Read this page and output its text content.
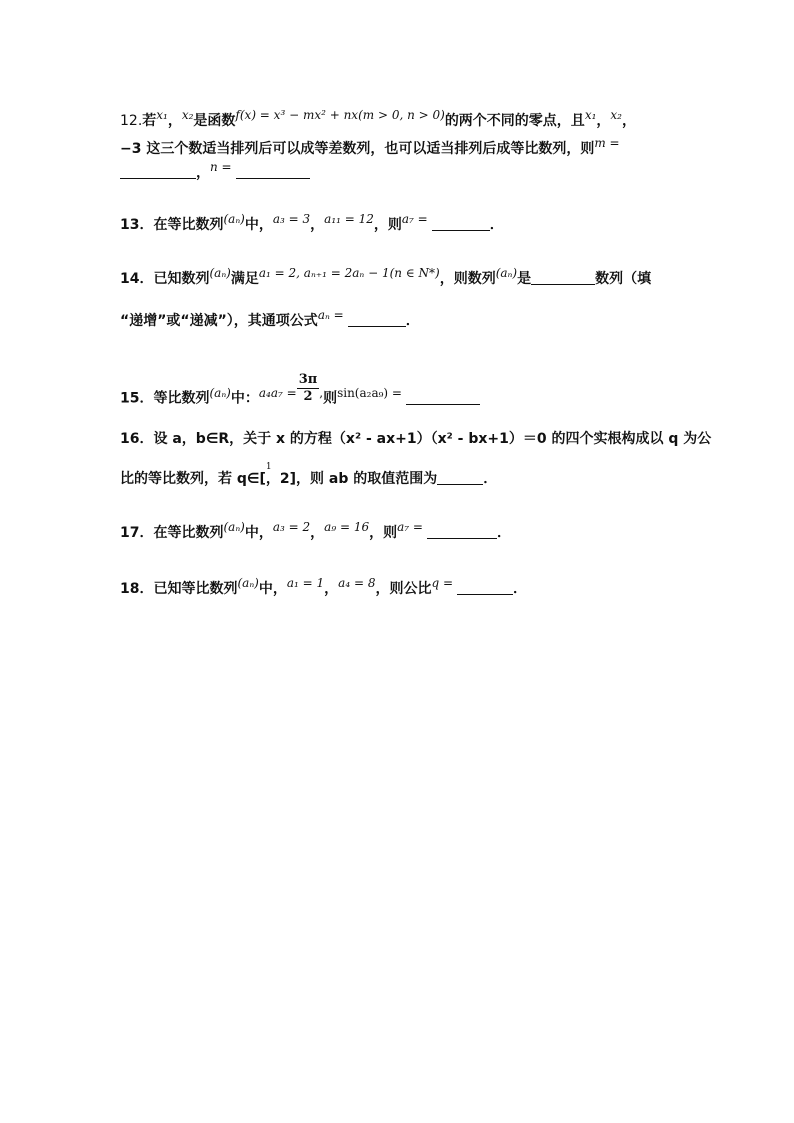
12.若x₁，x₂是函数f(x) = x³ − mx² + nx(m > 0, n > 0)的两个不同的零点，且x₁，x₂，
−3 这三个数适当排列后可以成等差数列，也可以适当排列后成等比数列，则m =
，n =
13．在等比数列(aₙ)中，a₃ = 3，a₁₁ = 12，则a₇ =	．
14．已知数列(aₙ)满足a₁ = 2, aₙ₊₁ = 2aₙ − 1(n ∈ N*)，则数列(aₙ)是	数列（填
“递增”或“递减”），其通项公式aₙ =	．
15．等比数列(aₙ)中：$a_4a_7 = \frac{3\pi}{2}$ ,则sin(a₂a₉) =
16．设 a，b∈R，关于 x 的方程（x² - ax+1）（x² - bx+1）＝0 的四个实根构成以 q 为公
比的等比数列，若 q∈[1，2]，则 ab 的取值范围为	．
17．在等比数列(aₙ)中，a₃ = 2，a₉ = 16，则a₇ =	．
18．已知等比数列(aₙ)中，a₁ = 1，a₄ = 8，则公比q =	．
